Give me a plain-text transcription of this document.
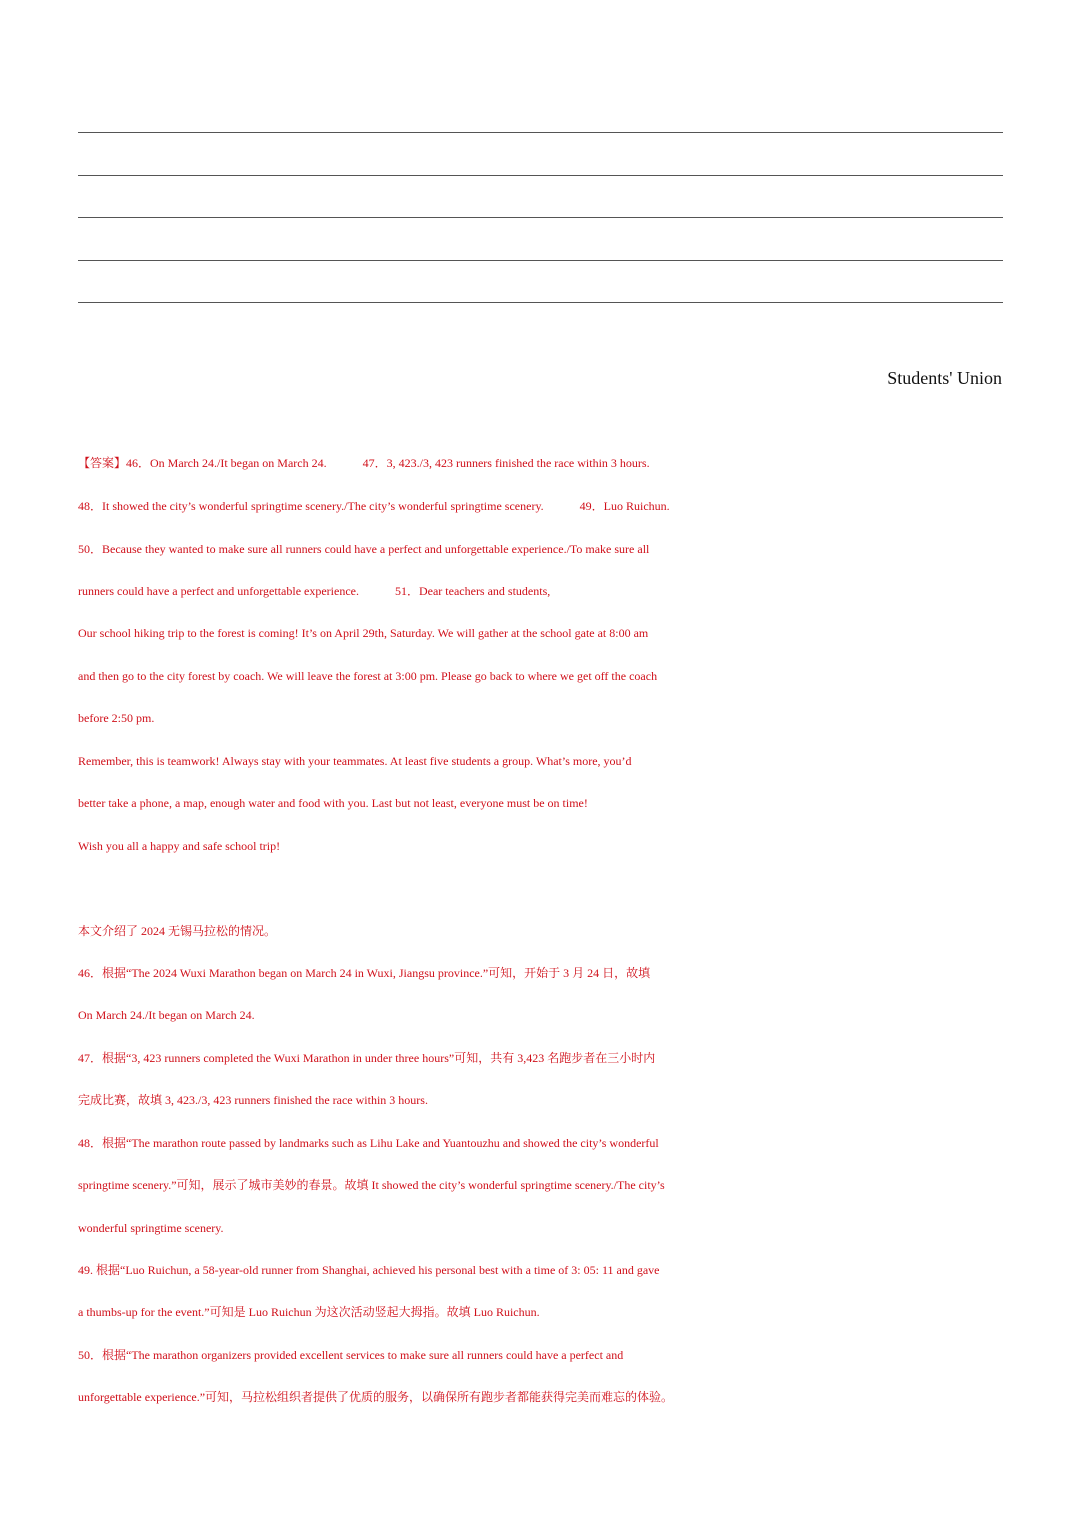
Students' Union
【答案】46．On March 24./It began on March 24.	47．3, 423./3, 423 runners finished the race within 3 hours.
48．It showed the city’s wonderful springtime scenery./The city’s wonderful springtime scenery.	49．Luo Ruichun.
50．Because they wanted to make sure all runners could have a perfect and unforgettable experience./To make sure all
runners could have a perfect and unforgettable experience.	51．Dear teachers and students,
Our school hiking trip to the forest is coming! It’s on April 29th, Saturday. We will gather at the school gate at 8:00 am
and then go to the city forest by coach. We will leave the forest at 3:00 pm. Please go back to where we get off the coach
before 2:50 pm.
Remember, this is teamwork! Always stay with your teammates. At least five students a group. What’s more, you’d
better take a phone, a map, enough water and food with you. Last but not least, everyone must be on time!
Wish you all a happy and safe school trip!
本文介绍了 2024 无锡马拉松的情况。
46．根据“The 2024 Wuxi Marathon began on March 24 in Wuxi, Jiangsu province.”可知，开始于 3 月 24 日，故填
On March 24./It began on March 24.
47．根据“3, 423 runners completed the Wuxi Marathon in under three hours”可知，共有 3,423 名跑步者在三小时内
完成比赛，故填 3, 423./3, 423 runners finished the race within 3 hours.
48．根据“The marathon route passed by landmarks such as Lihu Lake and Yuantouzhu and showed the city’s wonderful
springtime scenery.”可知，展示了城市美妙的春景。故填 It showed the city’s wonderful springtime scenery./The city’s
wonderful springtime scenery.
49. 根据“Luo Ruichun, a 58-year-old runner from Shanghai, achieved his personal best with a time of 3: 05: 11 and gave
a thumbs-up for the event.”可知是 Luo Ruichun 为这次活动竖起大拇指。故填 Luo Ruichun.
50．根据“The marathon organizers provided excellent services to make sure all runners could have a perfect and
unforgettable experience.”可知，马拉松组织者提供了优质的服务，以确保所有跑步者都能获得完美而难忘的体验。
